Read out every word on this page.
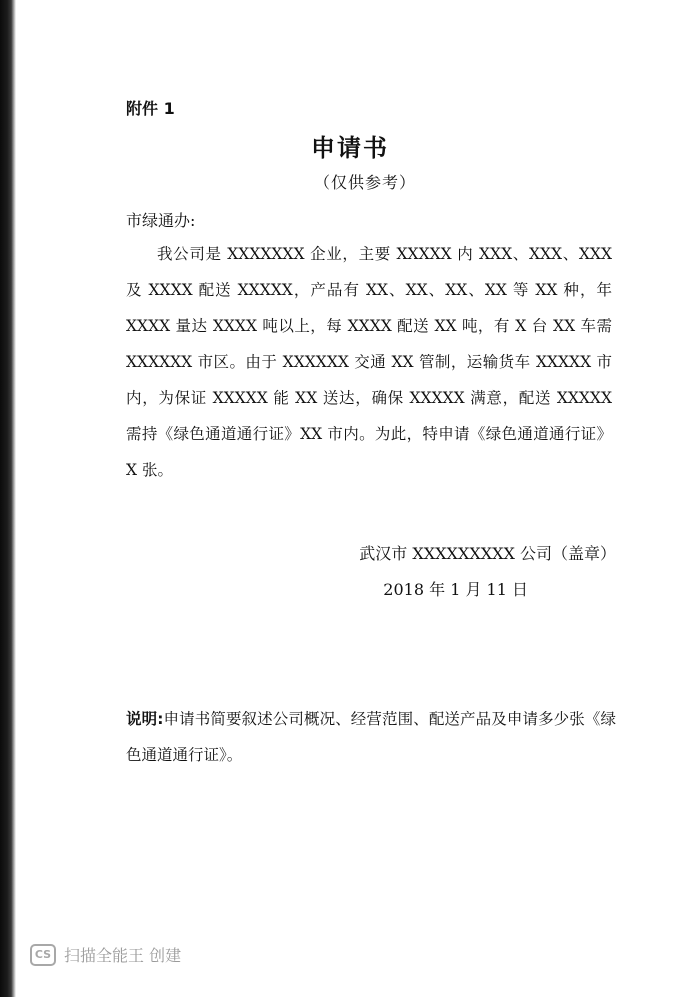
附件 1
申请书
（仅供参考）
市绿通办:
我公司是 XXXXXXX 企业，主要 XXXXX 内 XXX、XXX、XXX 及 XXXX 配送 XXXXX，产品有 XX、XX、XX、XX 等 XX 种，年 XXXX 量达 XXXX 吨以上，每 XXXX 配送 XX 吨，有 X 台 XX 车需 XXXXXX 市区。由于 XXXXXX 交通 XX 管制，运输货车 XXXXX 市内，为保证 XXXXX 能 XX 送达，确保 XXXXX 满意，配送 XXXXX 需持《绿色通道通行证》XX 市内。为此，特申请《绿色通道通行证》X 张。
武汉市 XXXXXXXXX 公司（盖章）
2018 年 1 月 11 日
说明:申请书简要叙述公司概况、经营范围、配送产品及申请多少张《绿色通道通行证》。
CS 扫描全能王 创建
